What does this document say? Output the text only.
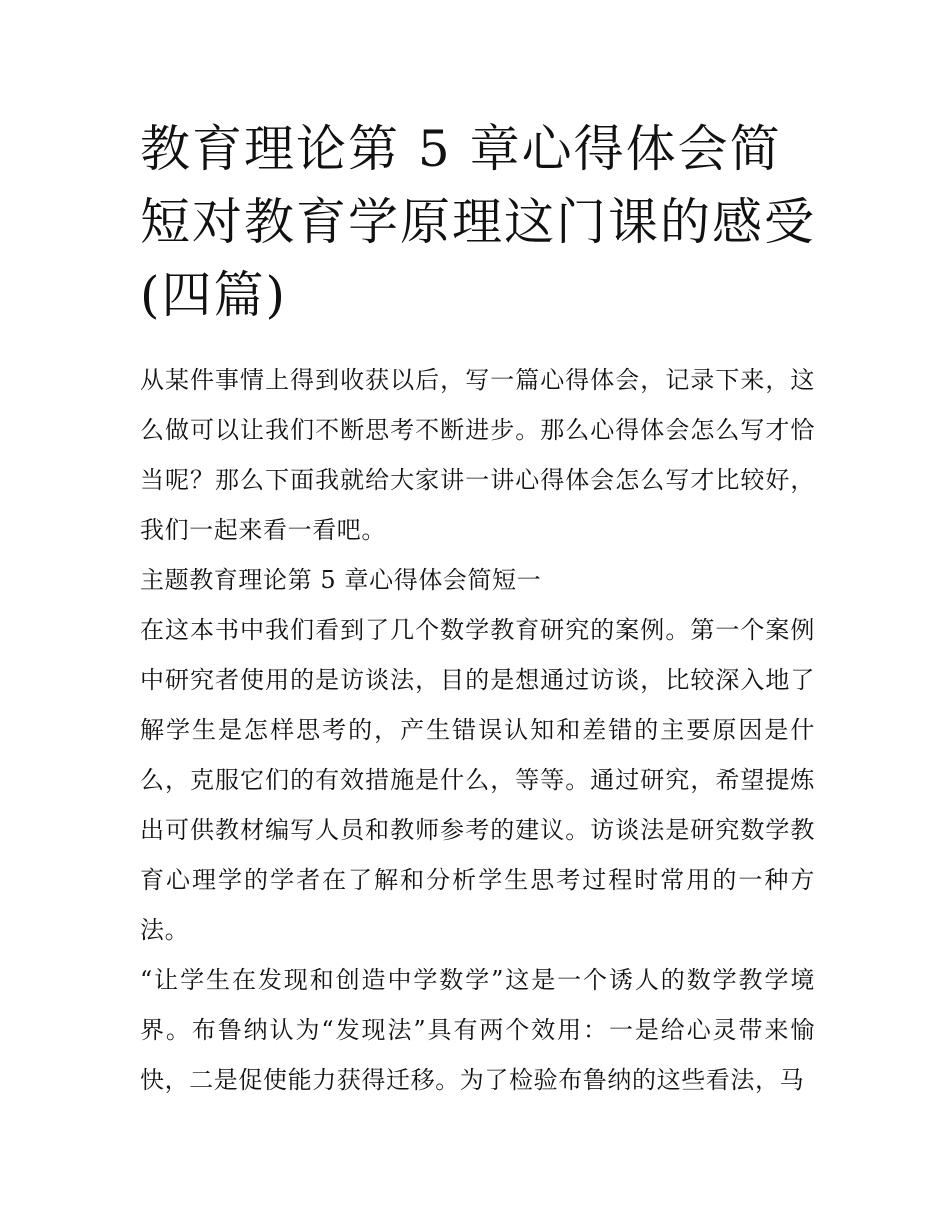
教育理论第 5 章心得体会简短对教育学原理这门课的感受(四篇)

从某件事情上得到收获以后，写一篇心得体会，记录下来，这么做可以让我们不断思考不断进步。那么心得体会怎么写才恰当呢？那么下面我就给大家讲一讲心得体会怎么写才比较好，我们一起来看一看吧。

主题教育理论第 5 章心得体会简短一

在这本书中我们看到了几个数学教育研究的案例。第一个案例中研究者使用的是访谈法，目的是想通过访谈，比较深入地了解学生是怎样思考的，产生错误认知和差错的主要原因是什么，克服它们的有效措施是什么，等等。通过研究，希望提炼出可供教材编写人员和教师参考的建议。访谈法是研究数学教育心理学的学者在了解和分析学生思考过程时常用的一种方法。

“让学生在发现和创造中学数学”这是一个诱人的数学教学境界。布鲁纳认为“发现法”具有两个效用：一是给心灵带来愉快，二是促使能力获得迁移。为了检验布鲁纳的这些看法，马
